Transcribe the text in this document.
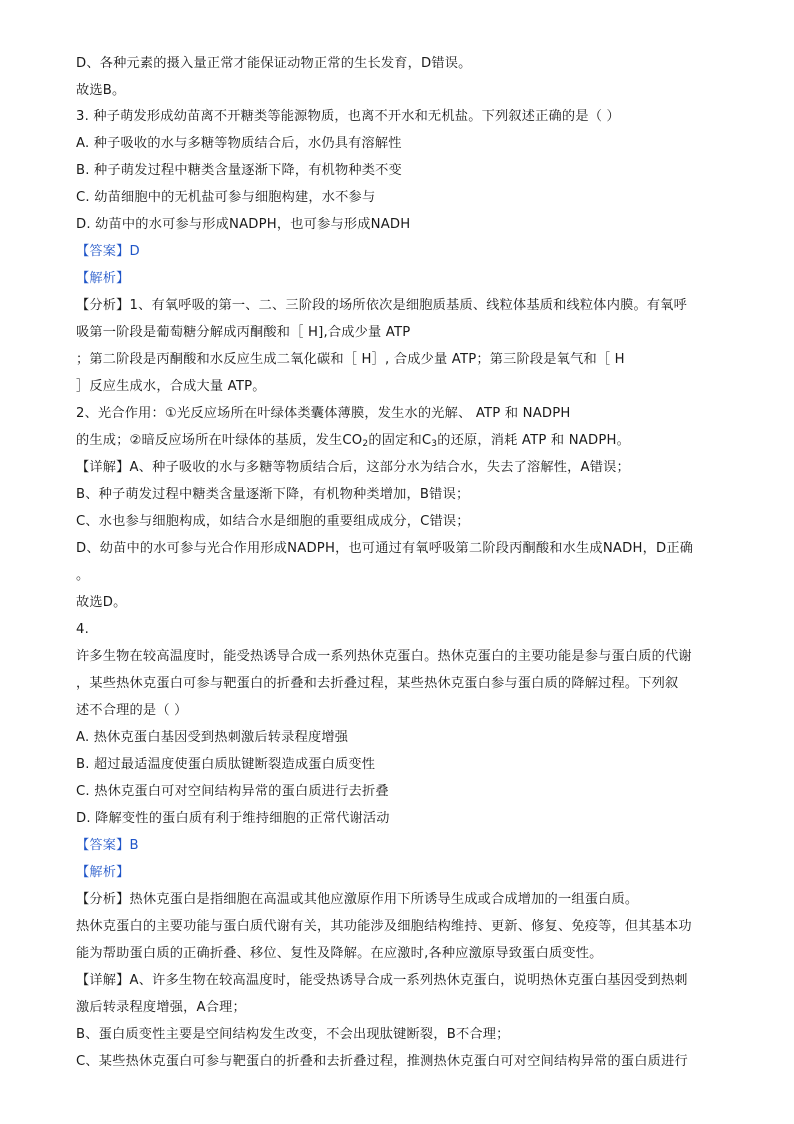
D、各种元素的摄入量正常才能保证动物正常的生长发育，D错误。
故选B。
3. 种子萌发形成幼苗离不开糖类等能源物质，也离不开水和无机盐。下列叙述正确的是（ ）
A. 种子吸收的水与多糖等物质结合后，水仍具有溶解性
B. 种子萌发过程中糖类含量逐渐下降，有机物种类不变
C. 幼苗细胞中的无机盐可参与细胞构建，水不参与
D. 幼苗中的水可参与形成NADPH，也可参与形成NADH
【答案】D
【解析】
【分析】1、有氧呼吸的第一、二、三阶段的场所依次是细胞质基质、线粒体基质和线粒体内膜。有氧呼
吸第一阶段是葡萄糖分解成丙酮酸和［ H],合成少量 ATP
；第二阶段是丙酮酸和水反应生成二氧化碳和［ H］, 合成少量 ATP；第三阶段是氧气和［ H
］反应生成水，合成大量 ATP。
2、光合作用：①光反应场所在叶绿体类囊体薄膜，发生水的光解、 ATP 和 NADPH
的生成；②暗反应场所在叶绿体的基质，发生$CO_2$的固定和$C_3$的还原，消耗 ATP 和 NADPH。
【详解】A、种子吸收的水与多糖等物质结合后，这部分水为结合水，失去了溶解性，A错误；
B、种子萌发过程中糖类含量逐渐下降，有机物种类增加，B错误；
C、水也参与细胞构成，如结合水是细胞的重要组成成分，C错误；
D、幼苗中的水可参与光合作用形成NADPH，也可通过有氧呼吸第二阶段丙酮酸和水生成NADH，D正确
。
故选D。
4.
许多生物在较高温度时，能受热诱导合成一系列热休克蛋白。热休克蛋白的主要功能是参与蛋白质的代谢
，某些热休克蛋白可参与靶蛋白的折叠和去折叠过程，某些热休克蛋白参与蛋白质的降解过程。下列叙
述不合理的是（ ）
A. 热休克蛋白基因受到热刺激后转录程度增强
B. 超过最适温度使蛋白质肽键断裂造成蛋白质变性
C. 热休克蛋白可对空间结构异常的蛋白质进行去折叠
D. 降解变性的蛋白质有利于维持细胞的正常代谢活动
【答案】B
【解析】
【分析】热休克蛋白是指细胞在高温或其他应激原作用下所诱导生成或合成增加的一组蛋白质。
热休克蛋白的主要功能与蛋白质代谢有关，其功能涉及细胞结构维持、更新、修复、免疫等，但其基本功
能为帮助蛋白质的正确折叠、移位、复性及降解。在应激时,各种应激原导致蛋白质变性。
【详解】A、许多生物在较高温度时，能受热诱导合成一系列热休克蛋白，说明热休克蛋白基因受到热刺
激后转录程度增强，A合理；
B、蛋白质变性主要是空间结构发生改变，不会出现肽键断裂，B不合理；
C、某些热休克蛋白可参与靶蛋白的折叠和去折叠过程，推测热休克蛋白可对空间结构异常的蛋白质进行
